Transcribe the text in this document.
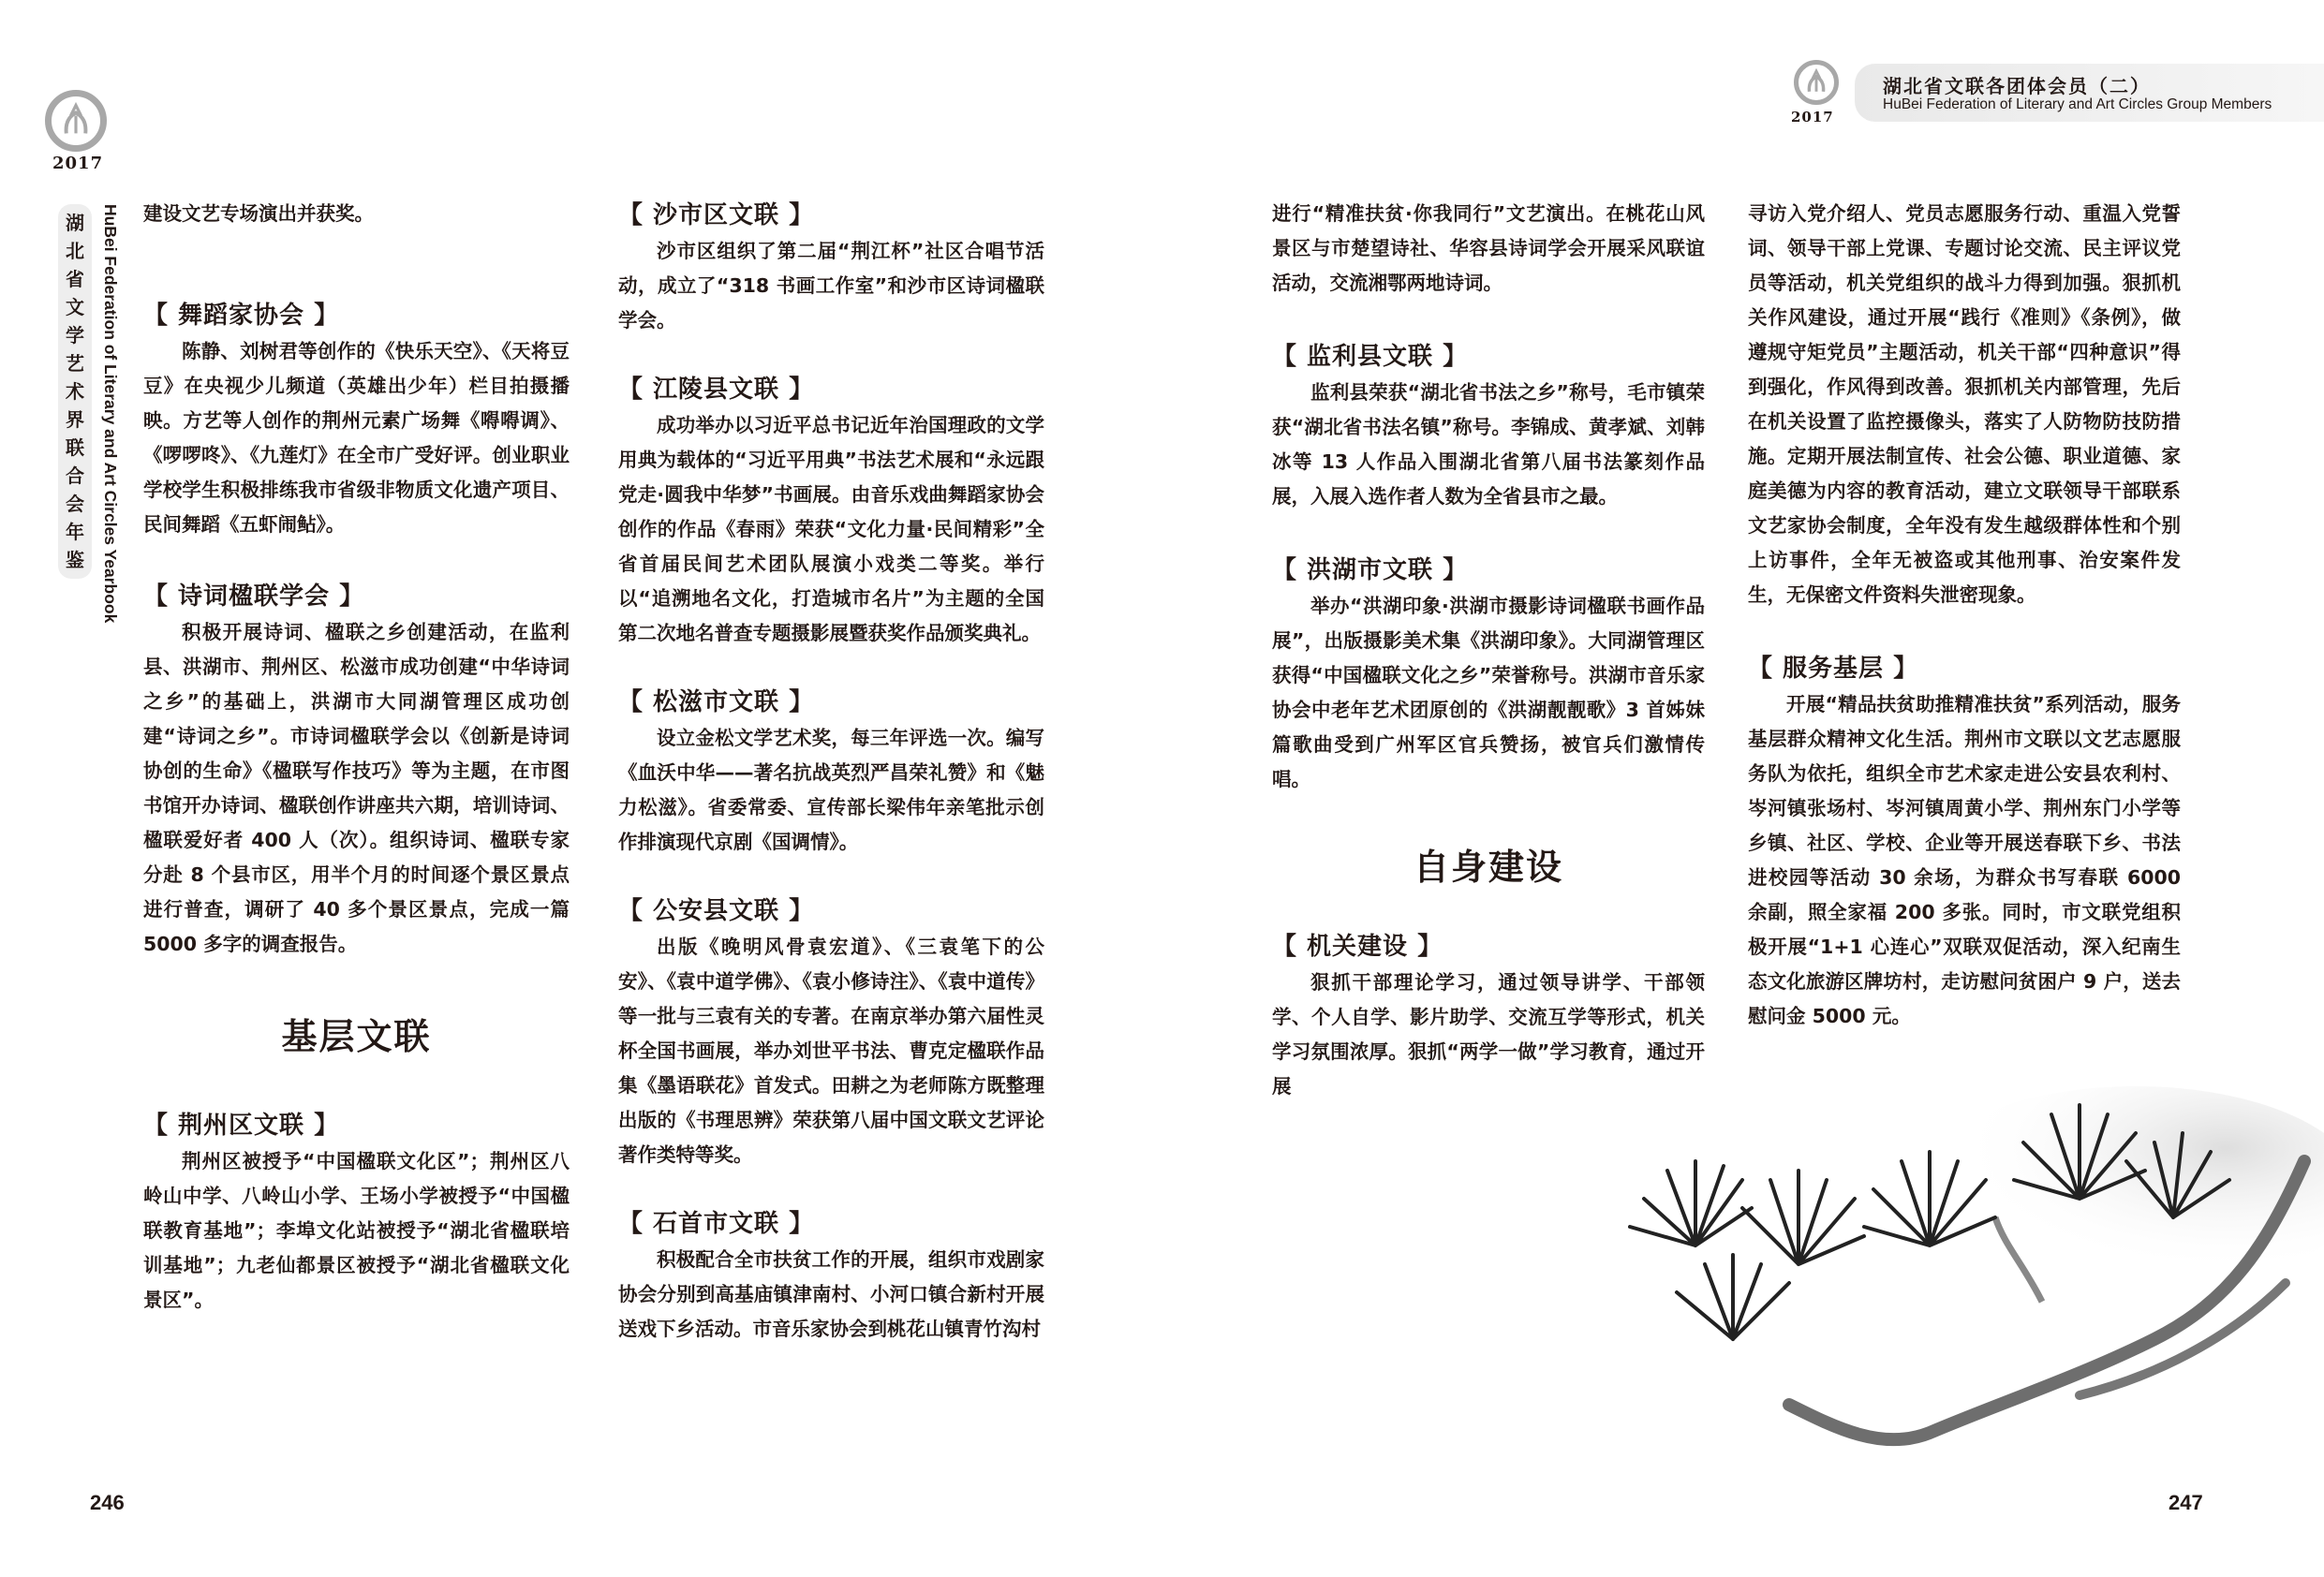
2017
湖
北
省
文
学
艺
术
界
联
合
会
年
鉴 HuBei Federation of Literary and Art Circles Yearbook 建设文艺专场演出并获奖。

【 舞蹈家协会 】

陈静、刘树君等创作的《快乐天空》、《天将豆豆》在央视少儿频道（英雄出少年）栏目拍摄播映。方艺等人创作的荆州元素广场舞《嘚嘚调》、《啰啰咚》、《九莲灯》在全市广受好评。创业职业学校学生积极排练我市省级非物质文化遗产项目、民间舞蹈《五虾闹鲇》。

【 诗词楹联学会 】

积极开展诗词、楹联之乡创建活动，在监利县、洪湖市、荆州区、松滋市成功创建“中华诗词之乡”的基础上，洪湖市大同湖管理区成功创建“诗词之乡”。市诗词楹联学会以《创新是诗词协创的生命》《楹联写作技巧》等为主题，在市图书馆开办诗词、楹联创作讲座共六期，培训诗词、楹联爱好者 400 人（次）。组织诗词、楹联专家分赴 8 个县市区，用半个月的时间逐个景区景点进行普查，调研了 40 多个景区景点，完成一篇 5000 多字的调查报告。

基层文联
【 荆州区文联 】

荆州区被授予“中国楹联文化区”；荆州区八岭山中学、八岭山小学、王场小学被授予“中国楹联教育基地”；李埠文化站被授予“湖北省楹联培训基地”；九老仙都景区被授予“湖北省楹联文化景区”。

【 沙市区文联 】

沙市区组织了第二届“荆江杯”社区合唱节活动，成立了“318 书画工作室”和沙市区诗词楹联学会。

【 江陵县文联 】

成功举办以习近平总书记近年治国理政的文学用典为载体的“习近平用典”书法艺术展和“永远跟党走·圆我中华梦”书画展。由音乐戏曲舞蹈家协会创作的作品《春雨》荣获“文化力量·民间精彩”全省首届民间艺术团队展演小戏类二等奖。举行以“追溯地名文化，打造城市名片”为主题的全国第二次地名普查专题摄影展暨获奖作品颁奖典礼。

【 松滋市文联 】

设立金松文学艺术奖，每三年评选一次。编写《血沃中华——著名抗战英烈严昌荣礼赞》和《魅力松滋》。省委常委、宣传部长梁伟年亲笔批示创作排演现代京剧《国调情》。

【 公安县文联 】

出版《晚明风骨袁宏道》、《三袁笔下的公安》、《袁中道学佛》、《袁小修诗注》、《袁中道传》等一批与三袁有关的专著。在南京举办第六届性灵杯全国书画展，举办刘世平书法、曹克定楹联作品集《墨语联花》首发式。田耕之为老师陈方既整理出版的《书理思辨》荣获第八届中国文联文艺评论著作类特等奖。

【 石首市文联 】

积极配合全市扶贫工作的开展，组织市戏剧家协会分别到高基庙镇津南村、小河口镇合新村开展送戏下乡活动。市音乐家协会到桃花山镇青竹沟村

246
2017
湖北省文联各团体会员（二）
HuBei Federation of Literary and Art Circles Group Members

进行“精准扶贫·你我同行”文艺演出。在桃花山风景区与市楚望诗社、华容县诗词学会开展采风联谊活动，交流湘鄂两地诗词。

【 监利县文联 】

监利县荣获“湖北省书法之乡”称号，毛市镇荣获“湖北省书法名镇”称号。李锦成、黄孝斌、刘韩冰等 13 人作品入围湖北省第八届书法篆刻作品展，入展入选作者人数为全省县市之最。

【 洪湖市文联 】

举办“洪湖印象·洪湖市摄影诗词楹联书画作品展”，出版摄影美术集《洪湖印象》。大同湖管理区获得“中国楹联文化之乡”荣誉称号。洪湖市音乐家协会中老年艺术团原创的《洪湖靓靓歌》3 首姊妹篇歌曲受到广州军区官兵赞扬，被官兵们激情传唱。

自身建设
【 机关建设 】

狠抓干部理论学习，通过领导讲学、干部领学、个人自学、影片助学、交流互学等形式，机关学习氛围浓厚。狠抓“两学一做”学习教育，通过开展

寻访入党介绍人、党员志愿服务行动、重温入党誓词、领导干部上党课、专题讨论交流、民主评议党员等活动，机关党组织的战斗力得到加强。狠抓机关作风建设，通过开展“践行《准则》《条例》，做遵规守矩党员”主题活动，机关干部“四种意识”得到强化，作风得到改善。狠抓机关内部管理，先后在机关设置了监控摄像头，落实了人防物防技防措施。定期开展法制宣传、社会公德、职业道德、家庭美德为内容的教育活动，建立文联领导干部联系文艺家协会制度，全年没有发生越级群体性和个别上访事件，全年无被盗或其他刑事、治安案件发生，无保密文件资料失泄密现象。

【 服务基层 】

开展“精品扶贫助推精准扶贫”系列活动，服务基层群众精神文化生活。荆州市文联以文艺志愿服务队为依托，组织全市艺术家走进公安县农利村、岑河镇张场村、岑河镇周黄小学、荆州东门小学等乡镇、社区、学校、企业等开展送春联下乡、书法进校园等活动 30 余场，为群众书写春联 6000 余副，照全家福 200 多张。同时，市文联党组积极开展“1+1 心连心”双联双促活动，深入纪南生态文化旅游区牌坊村，走访慰问贫困户 9 户，送去慰问金 5000 元。

247
